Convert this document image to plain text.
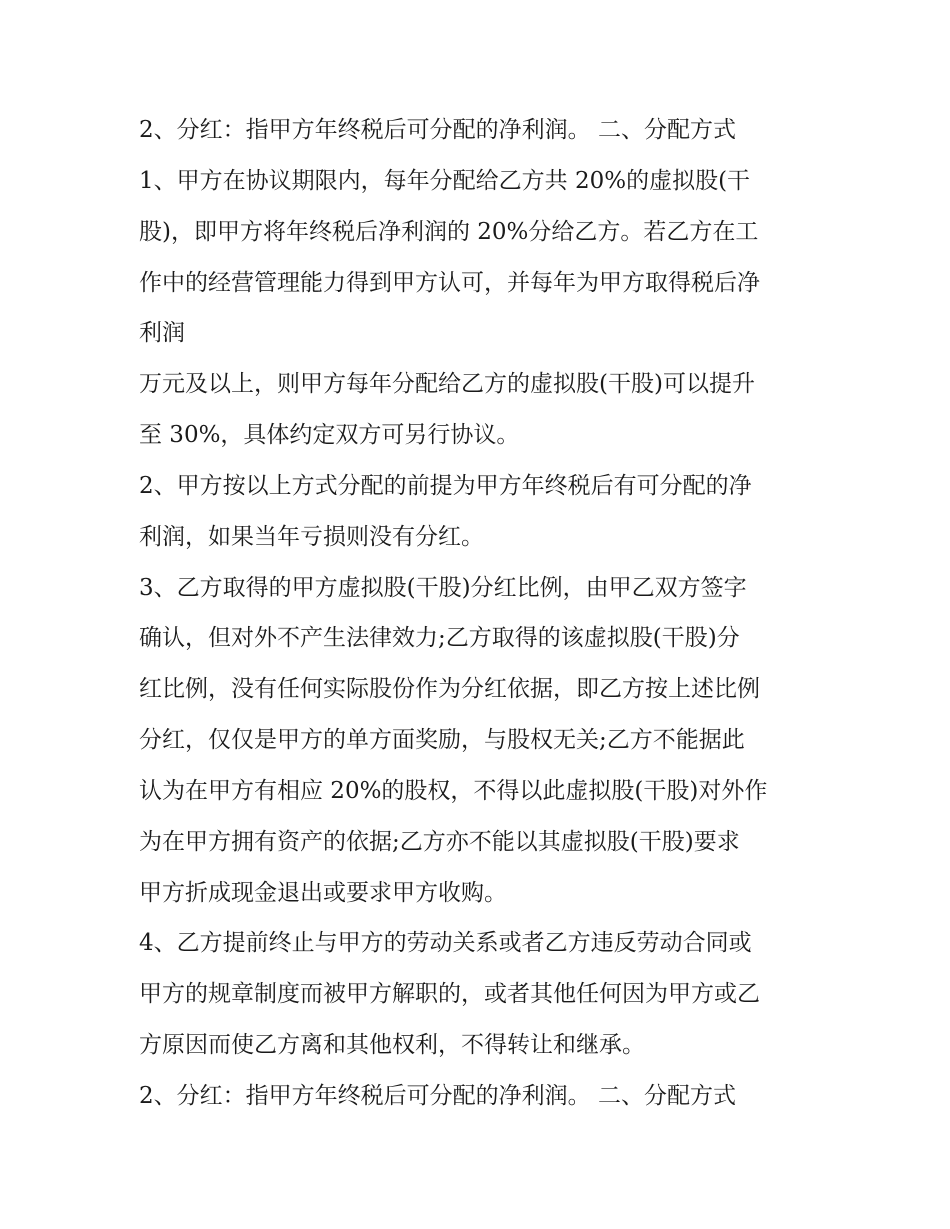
2、分红：指甲方年终税后可分配的净利润。 二、分配方式
1、甲方在协议期限内，每年分配给乙方共 20%的虚拟股(干
股)，即甲方将年终税后净利润的 20%分给乙方。若乙方在工
作中的经营管理能力得到甲方认可，并每年为甲方取得税后净
利润
万元及以上，则甲方每年分配给乙方的虚拟股(干股)可以提升
至 30%，具体约定双方可另行协议。
2、甲方按以上方式分配的前提为甲方年终税后有可分配的净
利润，如果当年亏损则没有分红。
3、乙方取得的甲方虚拟股(干股)分红比例，由甲乙双方签字
确认，但对外不产生法律效力;乙方取得的该虚拟股(干股)分
红比例，没有任何实际股份作为分红依据，即乙方按上述比例
分红，仅仅是甲方的单方面奖励，与股权无关;乙方不能据此
认为在甲方有相应 20%的股权，不得以此虚拟股(干股)对外作
为在甲方拥有资产的依据;乙方亦不能以其虚拟股(干股)要求
甲方折成现金退出或要求甲方收购。
4、乙方提前终止与甲方的劳动关系或者乙方违反劳动合同或
甲方的规章制度而被甲方解职的，或者其他任何因为甲方或乙
方原因而使乙方离和其他权利，不得转让和继承。
2、分红：指甲方年终税后可分配的净利润。 二、分配方式
